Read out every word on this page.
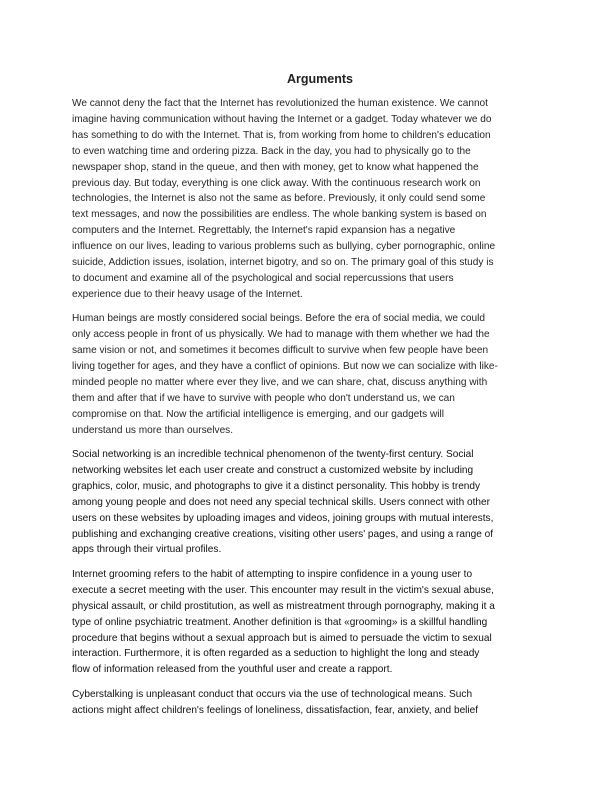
Arguments
We cannot deny the fact that the Internet has revolutionized the human existence. We cannot
imagine having communication without having the Internet or a gadget. Today whatever we do
has something to do with the Internet. That is, from working from home to children's education
to even watching time and ordering pizza. Back in the day, you had to physically go to the
newspaper shop, stand in the queue, and then with money, get to know what happened the
previous day. But today, everything is one click away. With the continuous research work on
technologies, the Internet is also not the same as before. Previously, it only could send some
text messages, and now the possibilities are endless. The whole banking system is based on
computers and the Internet. Regrettably, the Internet's rapid expansion has a negative
influence on our lives, leading to various problems such as bullying, cyber pornographic, online
suicide, Addiction issues, isolation, internet bigotry, and so on. The primary goal of this study is
to document and examine all of the psychological and social repercussions that users
experience due to their heavy usage of the Internet.
Human beings are mostly considered social beings. Before the era of social media, we could
only access people in front of us physically. We had to manage with them whether we had the
same vision or not, and sometimes it becomes difficult to survive when few people have been
living together for ages, and they have a conflict of opinions. But now we can socialize with like-
minded people no matter where ever they live, and we can share, chat, discuss anything with
them and after that if we have to survive with people who don't understand us, we can
compromise on that. Now the artificial intelligence is emerging, and our gadgets will
understand us more than ourselves.
Social networking is an incredible technical phenomenon of the twenty-first century. Social
networking websites let each user create and construct a customized website by including
graphics, color, music, and photographs to give it a distinct personality. This hobby is trendy
among young people and does not need any special technical skills. Users connect with other
users on these websites by uploading images and videos, joining groups with mutual interests,
publishing and exchanging creative creations, visiting other users' pages, and using a range of
apps through their virtual profiles.
Internet grooming refers to the habit of attempting to inspire confidence in a young user to
execute a secret meeting with the user. This encounter may result in the victim's sexual abuse,
physical assault, or child prostitution, as well as mistreatment through pornography, making it a
type of online psychiatric treatment. Another definition is that «grooming» is a skillful handling
procedure that begins without a sexual approach but is aimed to persuade the victim to sexual
interaction. Furthermore, it is often regarded as a seduction to highlight the long and steady
flow of information released from the youthful user and create a rapport.
Cyberstalking is unpleasant conduct that occurs via the use of technological means. Such
actions might affect children's feelings of loneliness, dissatisfaction, fear, anxiety, and belief
